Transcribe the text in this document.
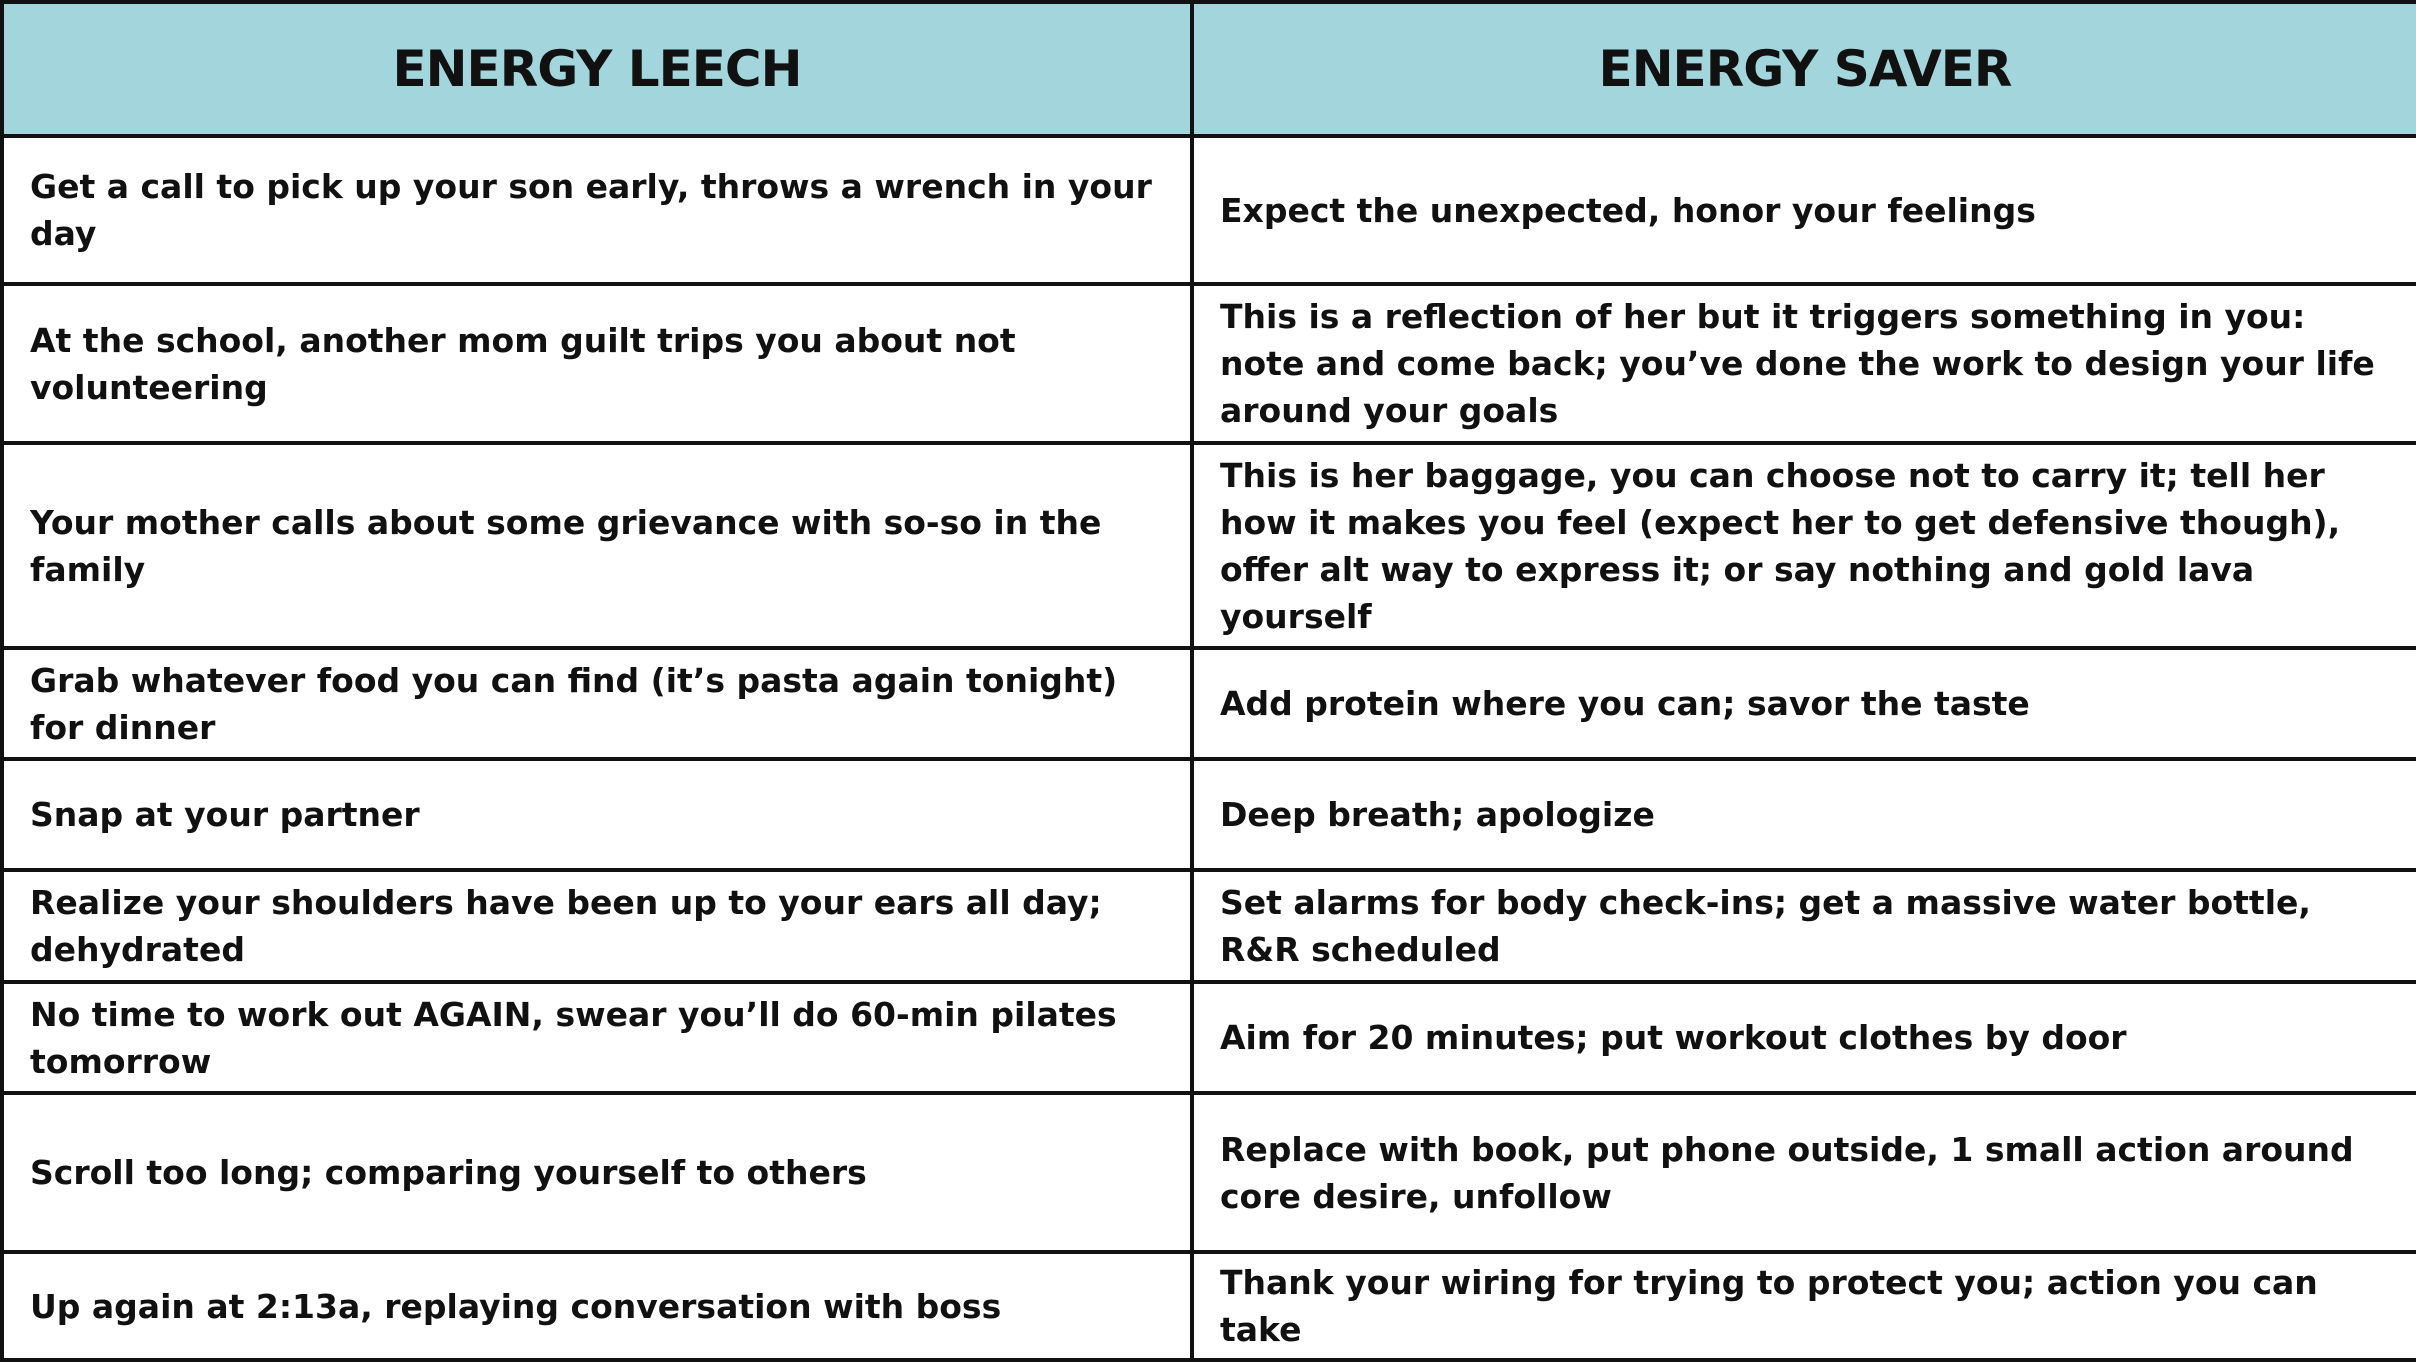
ENERGY LEECH	ENERGY SAVER
Get a call to pick up your son early, throws a wrench in your day	Expect the unexpected, honor your feelings
At the school, another mom guilt trips you about not volunteering	This is a reflection of her but it triggers something in you: note and come back; you’ve done the work to design your life around your goals
Your mother calls about some grievance with so-so in the family	This is her baggage, you can choose not to carry it; tell her how it makes you feel (expect her to get defensive though), offer alt way to express it; or say nothing and gold lava yourself
Grab whatever food you can find (it’s pasta again tonight) for dinner	Add protein where you can; savor the taste
Snap at your partner	Deep breath; apologize
Realize your shoulders have been up to your ears all day; dehydrated	Set alarms for body check-ins; get a massive water bottle, R&R scheduled
No time to work out AGAIN, swear you’ll do 60-min pilates tomorrow	Aim for 20 minutes; put workout clothes by door
Scroll too long; comparing yourself to others	Replace with book, put phone outside, 1 small action around core desire, unfollow
Up again at 2:13a, replaying conversation with boss	Thank your wiring for trying to protect you; action you can take
